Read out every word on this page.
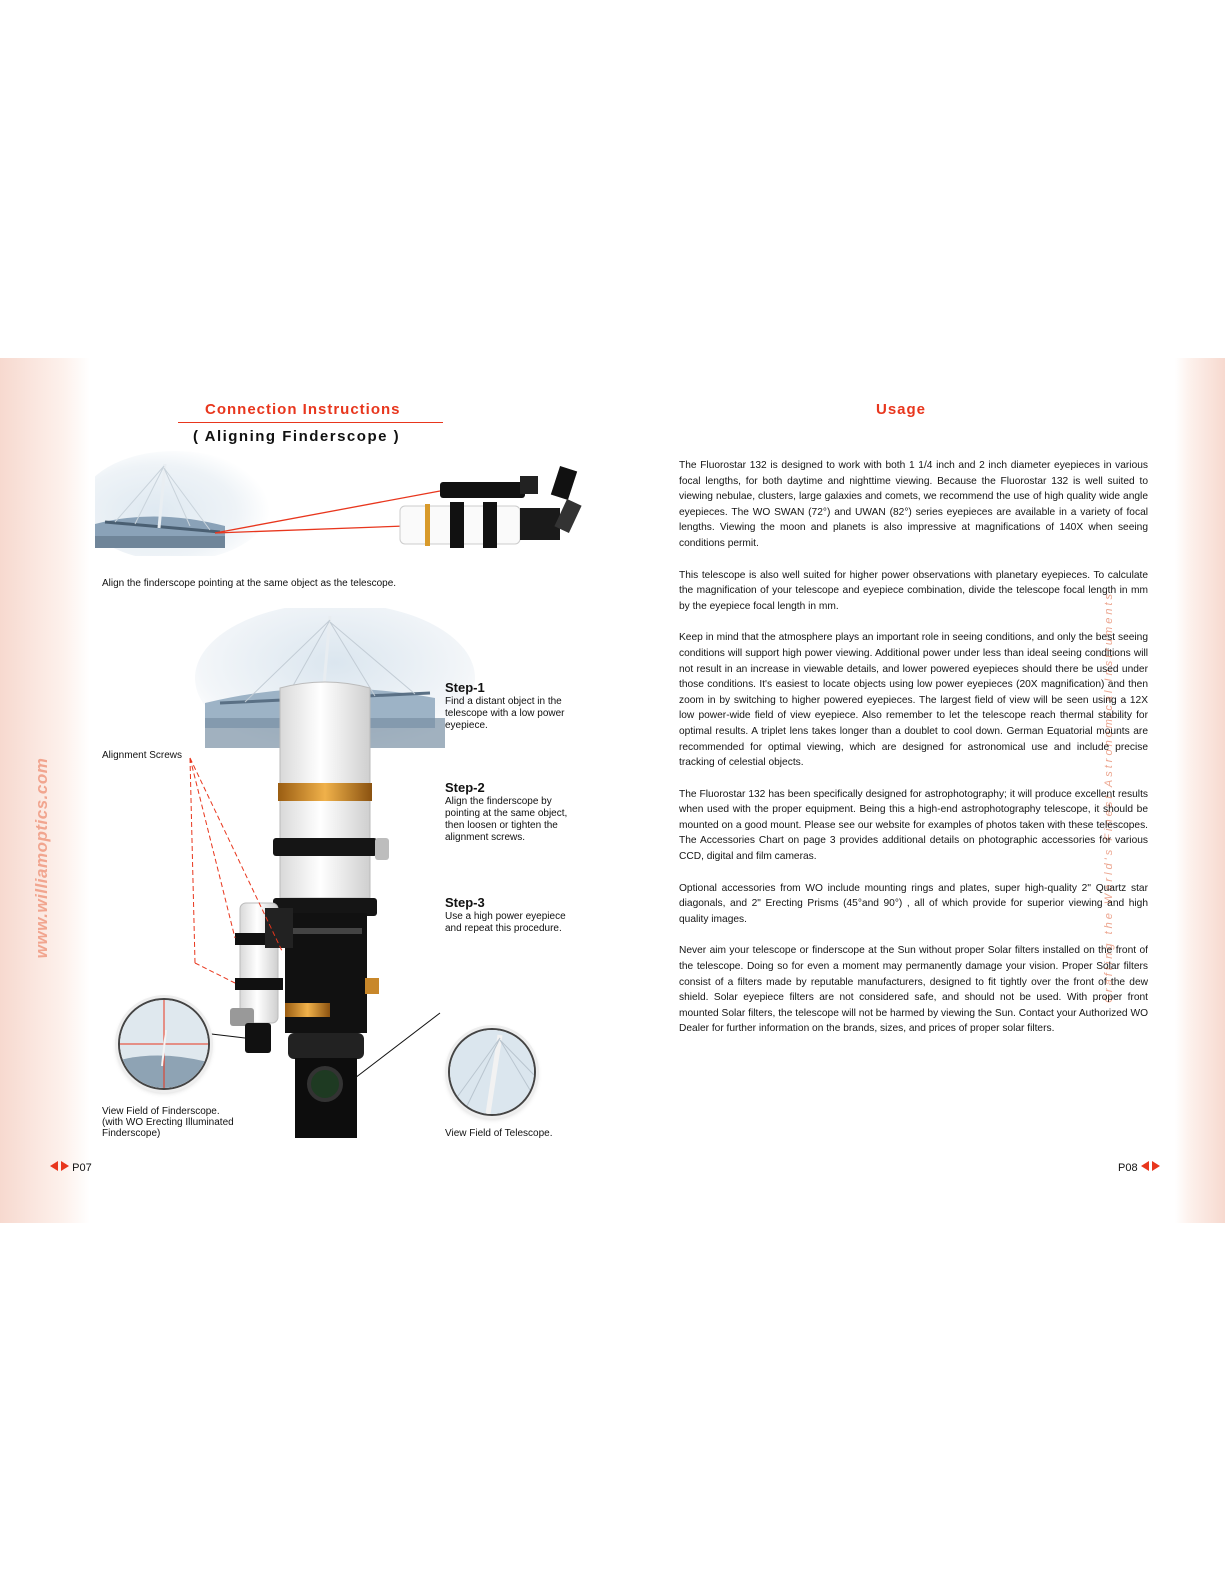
www.williamoptics.com	Crafting the World's Finest Astronomical Instruments
Connection Instructions
( Aligning Finderscope )
Align the finderscope pointing at the same object as the telescope.
Alignment Screws
Step-1
Find a distant object in the telescope with a low power eyepiece.
Step-2
Align the finderscope by pointing at the same object, then loosen or tighten the alignment screws.
Step-3
Use a high power eyepiece and repeat this procedure.
View Field of Finderscope.
(with WO Erecting Illuminated Finderscope)	View Field of Telescope.
P07
Usage

The Fluorostar 132 is designed to work with both 1 1/4 inch and 2 inch diameter eyepieces in various focal lengths, for both daytime and nighttime viewing. Because the Fluorostar 132 is well suited to viewing nebulae, clusters, large galaxies and comets, we recommend the use of high quality wide angle eyepieces. The WO SWAN (72°) and UWAN (82°) series eyepieces are available in a variety of focal lengths. Viewing the moon and planets is also impressive at magnifications of 140X when seeing conditions permit.

This telescope is also well suited for higher power observations with planetary eyepieces. To calculate the magnification of your telescope and eyepiece combination, divide the telescope focal length in mm by the eyepiece focal length in mm.

Keep in mind that the atmosphere plays an important role in seeing conditions, and only the best seeing conditions will support high power viewing. Additional power under less than ideal seeing conditions will not result in an increase in viewable details, and lower powered eyepieces should there be used under those conditions. It's easiest to locate objects using low power eyepieces (20X magnification) and then zoom in by switching to higher powered eyepieces. The largest field of view will be seen using a 12X low power-wide field of view eyepiece. Also remember to let the telescope reach thermal stability for optimal results. A triplet lens takes longer than a doublet to cool down. German Equatorial mounts are recommended for optimal viewing, which are designed for astronomical use and include precise tracking of celestial objects.

The Fluorostar 132 has been specifically designed for astrophotography; it will produce excellent results when used with the proper equipment. Being this a high-end astrophotography telescope, it should be mounted on a good mount. Please see our website for examples of photos taken with these telescopes. The Accessories Chart on page 3 provides additional details on photographic accessories for various CCD, digital and film cameras.

Optional accessories from WO include mounting rings and plates, super high-quality 2" Quartz star diagonals, and 2" Erecting Prisms (45°and 90°) , all of which provide for superior viewing and high quality images.

Never aim your telescope or finderscope at the Sun without proper Solar filters installed on the front of the telescope. Doing so for even a moment may permanently damage your vision. Proper Solar filters consist of a filters made by reputable manufacturers, designed to fit tightly over the front of the dew shield. Solar eyepiece filters are not considered safe, and should not be used. With proper front mounted Solar filters, the telescope will not be harmed by viewing the Sun. Contact your Authorized WO Dealer for further information on the brands, sizes, and prices of proper solar filters.

P08
